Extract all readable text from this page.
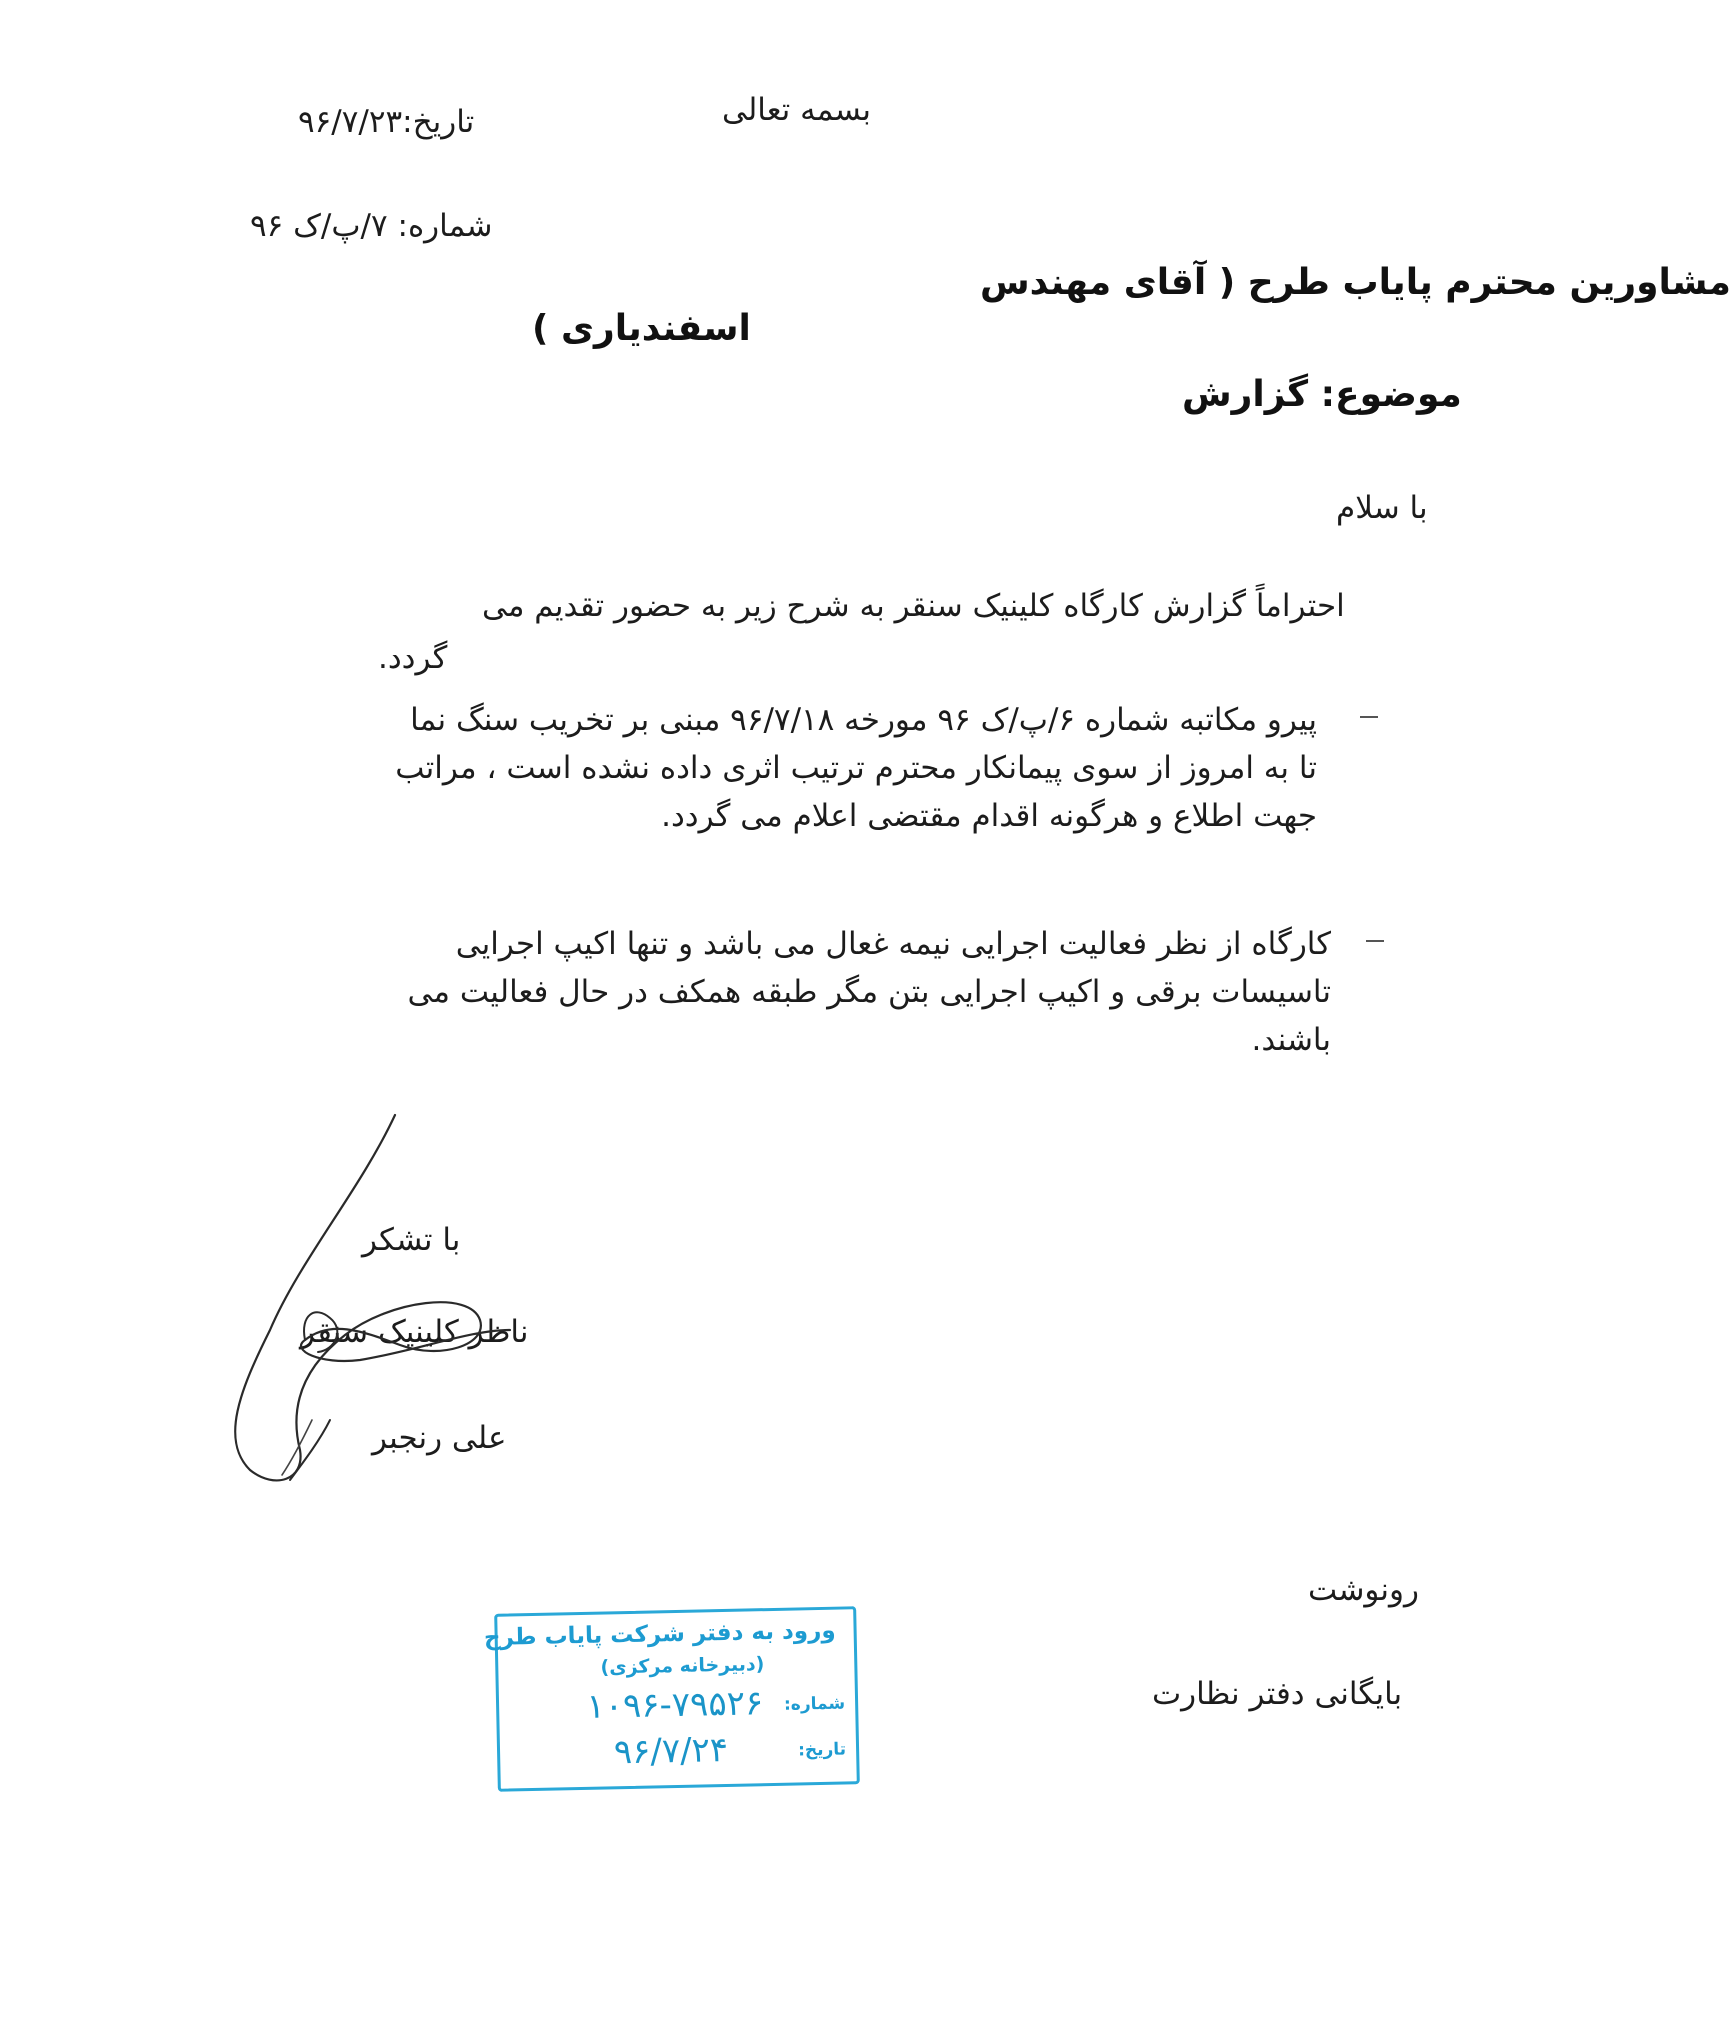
بسمه تعالی
تاریخ:۹۶/۷/۲۳
شماره: ۷/پ/ک ۹۶
مشاورین محترم پایاب طرح ( آقای مهندس
اسفندیاری )
موضوع: گزارش
با سلام
احتراماً گزارش کارگاه کلینیک سنقر به شرح زیر به حضور تقدیم می
گردد.
پیرو مکاتبه شماره ۶/پ/ک ۹۶ مورخه ۹۶/۷/۱۸ مبنی بر تخریب سنگ نما
تا به امروز از سوی پیمانکار محترم ترتیب اثری داده نشده است ، مراتب
جهت اطلاع و هرگونه اقدام مقتضی اعلام می گردد.
کارگاه از نظر فعالیت اجرایی نیمه غعال می باشد و تنها اکیپ اجرایی
تاسیسات برقی و اکیپ اجرایی بتن مگر طبقه همکف در حال فعالیت می
باشند.
با تشکر
ناظر کلینیک سنقر
علی رنجبر
رونوشت
بایگانی دفتر نظارت
ورود به دفتر شرکت پایاب طرح
(دبیرخانه مرکزی)
شماره:
۱۰۹۶-۷۹۵۲۶
تاریخ:
۹۶/۷/۲۴
